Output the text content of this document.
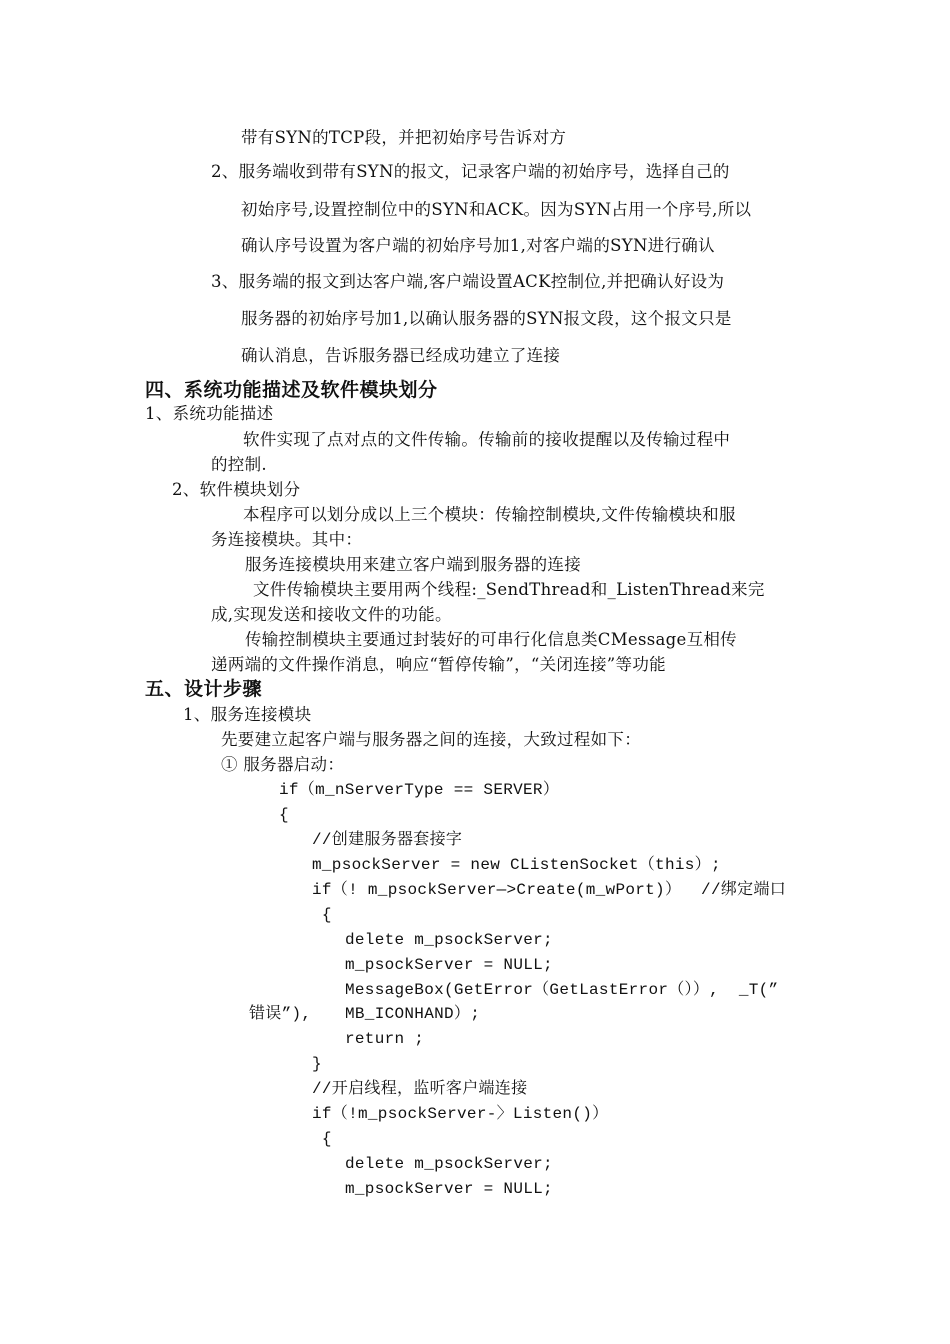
带有SYN的TCP段，并把初始序号告诉对方
2、服务端收到带有SYN的报文，记录客户端的初始序号，选择自己的
初始序号,设置控制位中的SYN和ACK。因为SYN占用一个序号,所以
确认序号设置为客户端的初始序号加1,对客户端的SYN进行确认
3、服务端的报文到达客户端,客户端设置ACK控制位,并把确认好设为
服务器的初始序号加1,以确认服务器的SYN报文段，这个报文只是
确认消息，告诉服务器已经成功建立了连接
四、系统功能描述及软件模块划分
1、系统功能描述
软件实现了点对点的文件传输。传输前的接收提醒以及传输过程中
的控制.
2、软件模块划分
本程序可以划分成以上三个模块：传输控制模块,文件传输模块和服
务连接模块。其中：
服务连接模块用来建立客户端到服务器的连接
文件传输模块主要用两个线程:_SendThread和_ListenThread来完
成,实现发送和接收文件的功能。
传输控制模块主要通过封装好的可串行化信息类CMessage互相传
递两端的文件操作消息，响应“暂停传输”，“关闭连接”等功能
五、设计步骤
1、服务连接模块
先要建立起客户端与服务器之间的连接，大致过程如下：
① 服务器启动：
if（m_nServerType == SERVER）
{
//创建服务器套接字
m_psockServer = new CListenSocket（this）;
if（! m_psockServer—>Create(m_wPort)）  //绑定端口
{
delete m_psockServer;
m_psockServer = NULL;
MessageBox(GetError（GetLastError（））,  _T(”
错误”), MB_ICONHAND）;
return ;
}
//开启线程，监听客户端连接
if（!m_psockServer-〉Listen()）
{
delete m_psockServer;
m_psockServer = NULL;
